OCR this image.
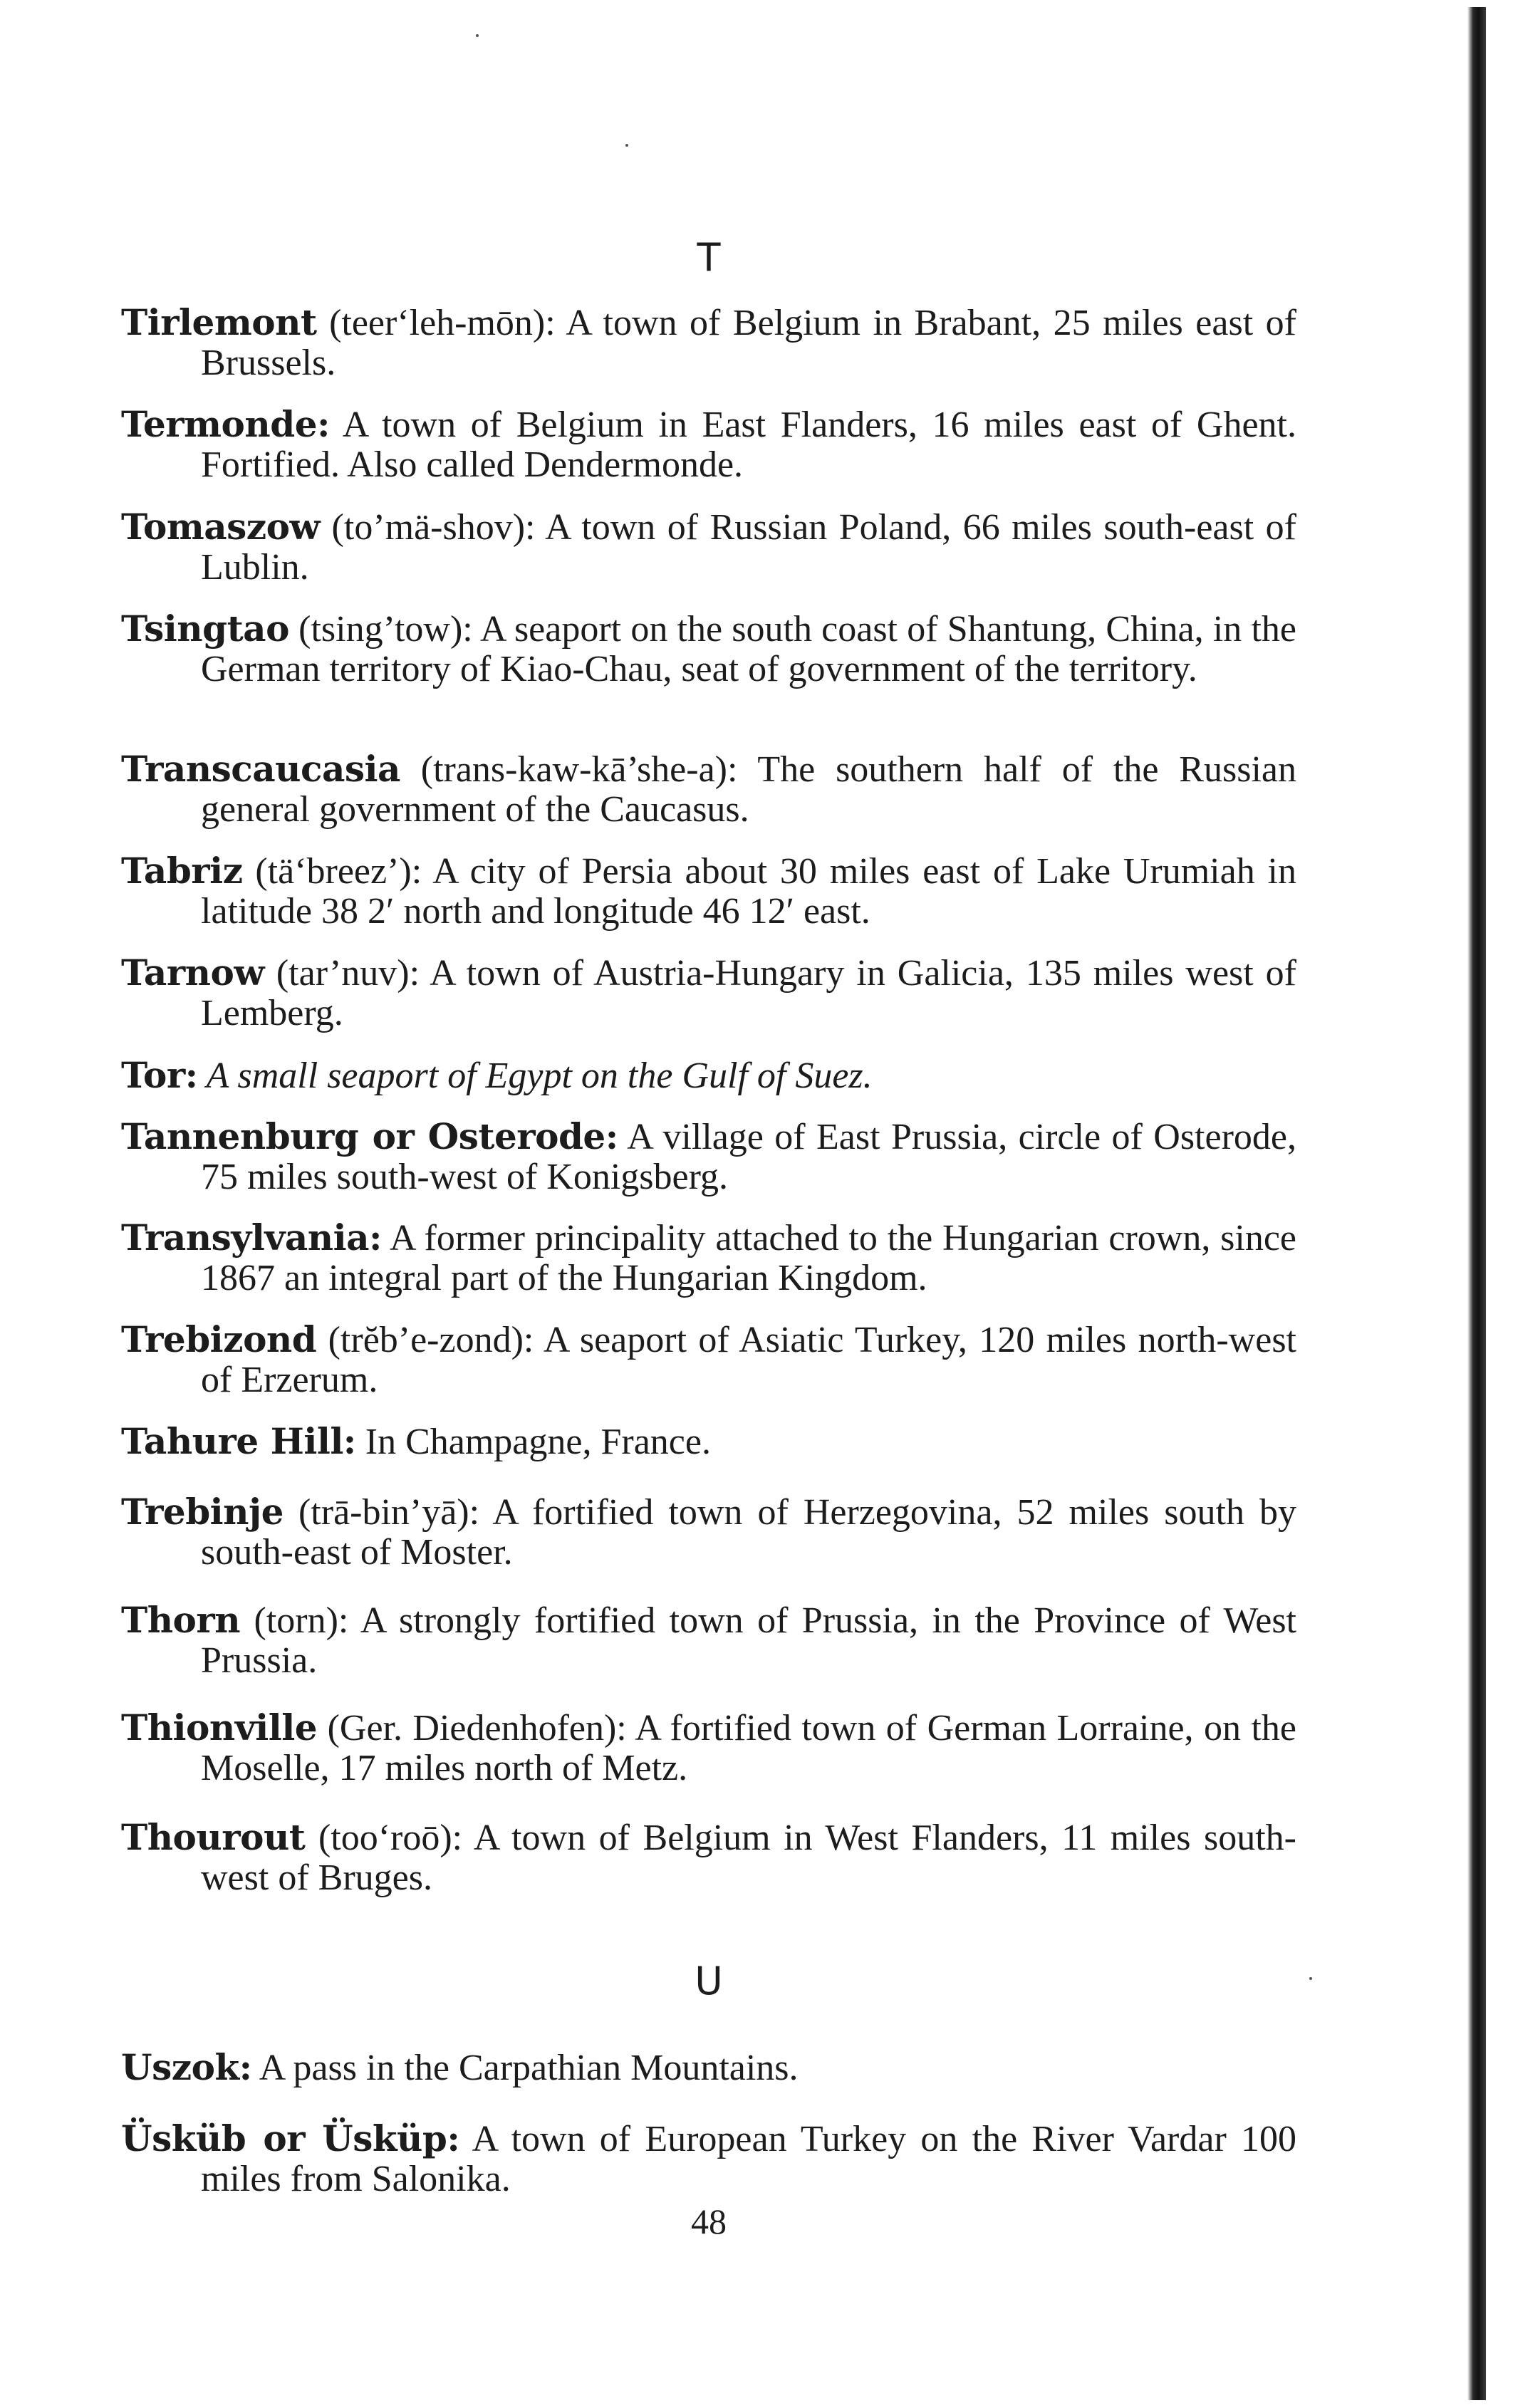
T
Tirlemont (teer‘leh-mōn): A town of Belgium in Brabant, 25 miles east of Brussels.
Termonde: A town of Belgium in East Flanders, 16 miles east of Ghent. Fortified. Also called Dendermonde.
Tomaszow (to’mä-shov): A town of Russian Poland, 66 miles south-east of Lublin.
Tsingtao (tsing’tow): A seaport on the south coast of Shantung, China, in the German territory of Kiao-Chau, seat of government of the territory.
Transcaucasia (trans-kaw-kā’she-a): The southern half of the Russian general government of the Caucasus.
Tabriz (tä‘breez’): A city of Persia about 30 miles east of Lake Urumiah in latitude 38 2′ north and longitude 46 12′ east.
Tarnow (tar’nuv): A town of Austria-Hungary in Galicia, 135 miles west of Lemberg.
Tor: A small seaport of Egypt on the Gulf of Suez.
Tannenburg or Osterode: A village of East Prussia, circle of Osterode, 75 miles south-west of Konigsberg.
Transylvania: A former principality attached to the Hungarian crown, since 1867 an integral part of the Hungarian Kingdom.
Trebizond (trĕb’e-zond): A seaport of Asiatic Turkey, 120 miles north-west of Erzerum.
Tahure Hill: In Champagne, France.
Trebinje (trā-bin’yā): A fortified town of Herzegovina, 52 miles south by south-east of Moster.
Thorn (torn): A strongly fortified town of Prussia, in the Province of West Prussia.
Thionville (Ger. Diedenhofen): A fortified town of German Lorraine, on the Moselle, 17 miles north of Metz.
Thourout (too‘roō): A town of Belgium in West Flanders, 11 miles south-west of Bruges.
U
Uszok: A pass in the Carpathian Mountains.
Üsküb or Üsküp: A town of European Turkey on the River Vardar 100 miles from Salonika.

48
